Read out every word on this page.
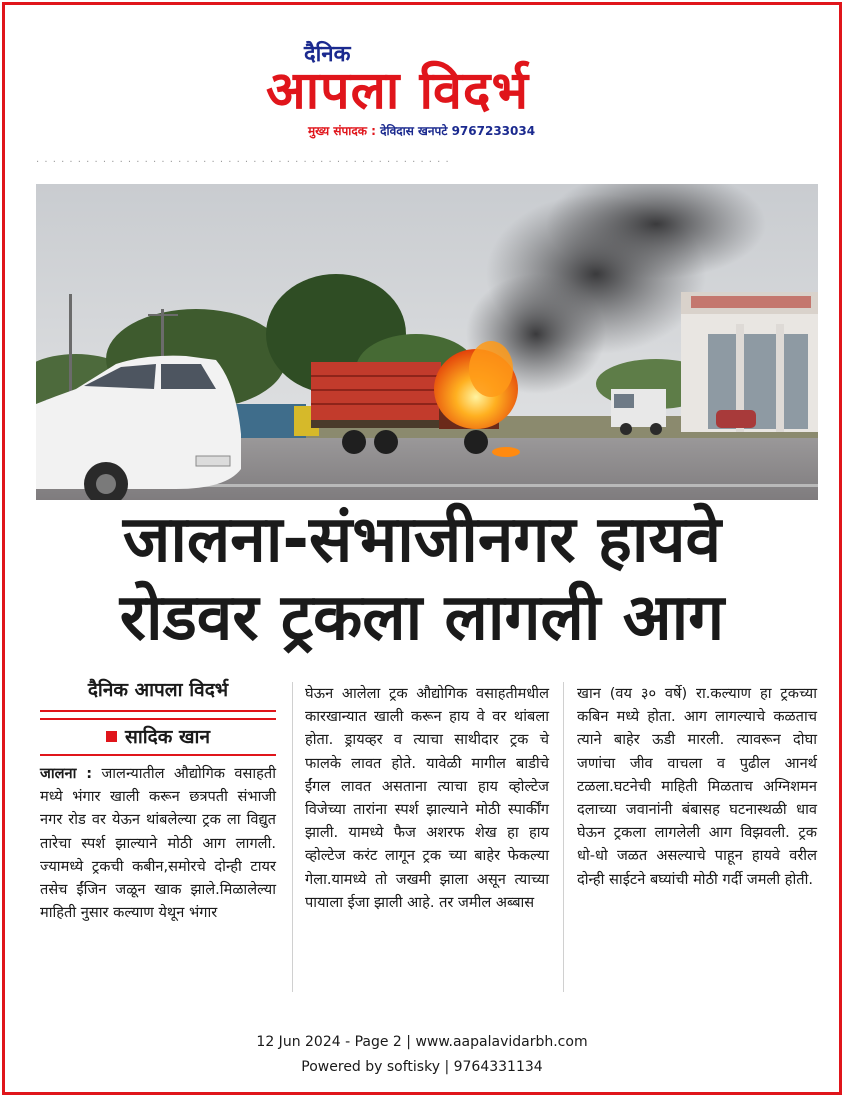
दैनिक
आपला विदर्भ
मुख्य संपादक : देविदास खनपटे 9767233034
· · · · · · · · · · · · · · · · · · · · · · · · · · · · · · · · · · · · · · · · · · · · · · · · · ·
जालना-संभाजीनगर हायवे
रोडवर ट्रकला लागली आग
दैनिक आपला विदर्भ
सादिक खान
जालना : जालन्यातील औद्योगिक वसाहती मध्ये भंगार खाली करून छत्रपती संभाजी नगर रोड वर येऊन थांबलेल्या ट्रक ला विद्युत तारेचा स्पर्श झाल्याने मोठी आग लागली. ज्यामध्ये ट्रकची कबीन,समोरचे दोन्ही टायर तसेच ईंजिन जळून खाक झाले.मिळालेल्या माहिती नुसार कल्याण येथून भंगार
घेऊन आलेला ट्रक औद्योगिक वसाहतीमधील कारखान्यात खाली करून हाय वे वर थांबला होता. ड्रायव्हर व त्याचा साथीदार ट्रक चे फालके लावत होते. यावेळी मागील बाडीचे ईंगल लावत असताना त्याचा हाय व्होल्टेज विजेच्या तारांना स्पर्श झाल्याने मोठी स्पार्कींग झाली. यामध्ये फैज अशरफ शेख हा हाय व्होल्टेज करंट लागून ट्रक च्या बाहेर फेकल्या गेला.यामध्ये तो जखमी झाला असून त्याच्या पायाला ईजा झाली आहे. तर जमील अब्बास
खान (वय ३० वर्षे) रा.कल्याण हा ट्रकच्या कबिन मध्ये होता. आग लागल्याचे कळताच त्याने बाहेर ऊडी मारली. त्यावरून दोघा जणांचा जीव वाचला व पुढील आनर्थ टळला.घटनेची माहिती मिळताच अग्निशमन दलाच्या जवानांनी बंबासह घटनास्थळी धाव घेऊन ट्रकला लागलेली आग विझवली. ट्रक धो-धो जळत असल्याचे पाहून हायवे वरील दोन्ही साईटने बघ्यांची मोठी गर्दी जमली होती.
12 Jun 2024 - Page 2 | www.aapalavidarbh.com
Powered by softisky | 9764331134
